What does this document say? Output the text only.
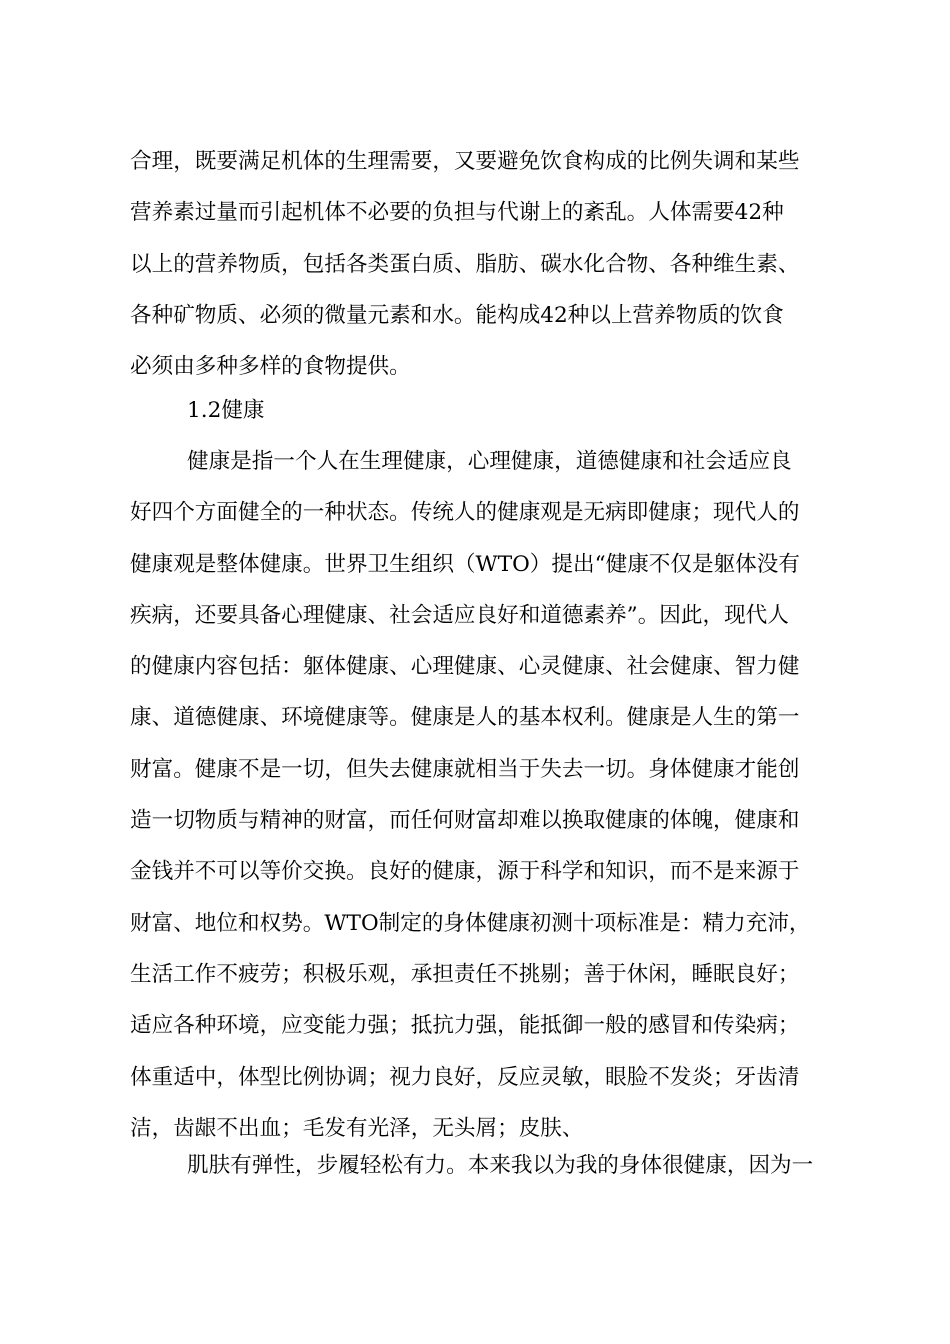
合理，既要满足机体的生理需要，又要避免饮食构成的比例失调和某些
营养素过量而引起机体不必要的负担与代谢上的紊乱。人体需要42种
以上的营养物质，包括各类蛋白质、脂肪、碳水化合物、各种维生素、
各种矿物质、必须的微量元素和水。能构成42种以上营养物质的饮食
必须由多种多样的食物提供。
1.2健康
健康是指一个人在生理健康，心理健康，道德健康和社会适应良
好四个方面健全的一种状态。传统人的健康观是无病即健康；现代人的
健康观是整体健康。世界卫生组织（WTO）提出“健康不仅是躯体没有
疾病，还要具备心理健康、社会适应良好和道德素养”。因此，现代人
的健康内容包括：躯体健康、心理健康、心灵健康、社会健康、智力健
康、道德健康、环境健康等。健康是人的基本权利。健康是人生的第一
财富。健康不是一切，但失去健康就相当于失去一切。身体健康才能创
造一切物质与精神的财富，而任何财富却难以换取健康的体魄，健康和
金钱并不可以等价交换。良好的健康，源于科学和知识，而不是来源于
财富、地位和权势。WTO制定的身体健康初测十项标准是：精力充沛，
生活工作不疲劳；积极乐观，承担责任不挑剔；善于休闲，睡眠良好；
适应各种环境，应变能力强；抵抗力强，能抵御一般的感冒和传染病；
体重适中，体型比例协调；视力良好，反应灵敏，眼脸不发炎；牙齿清
洁，齿龈不出血；毛发有光泽，无头屑；皮肤、
肌肤有弹性，步履轻松有力。本来我以为我的身体很健康，因为一
